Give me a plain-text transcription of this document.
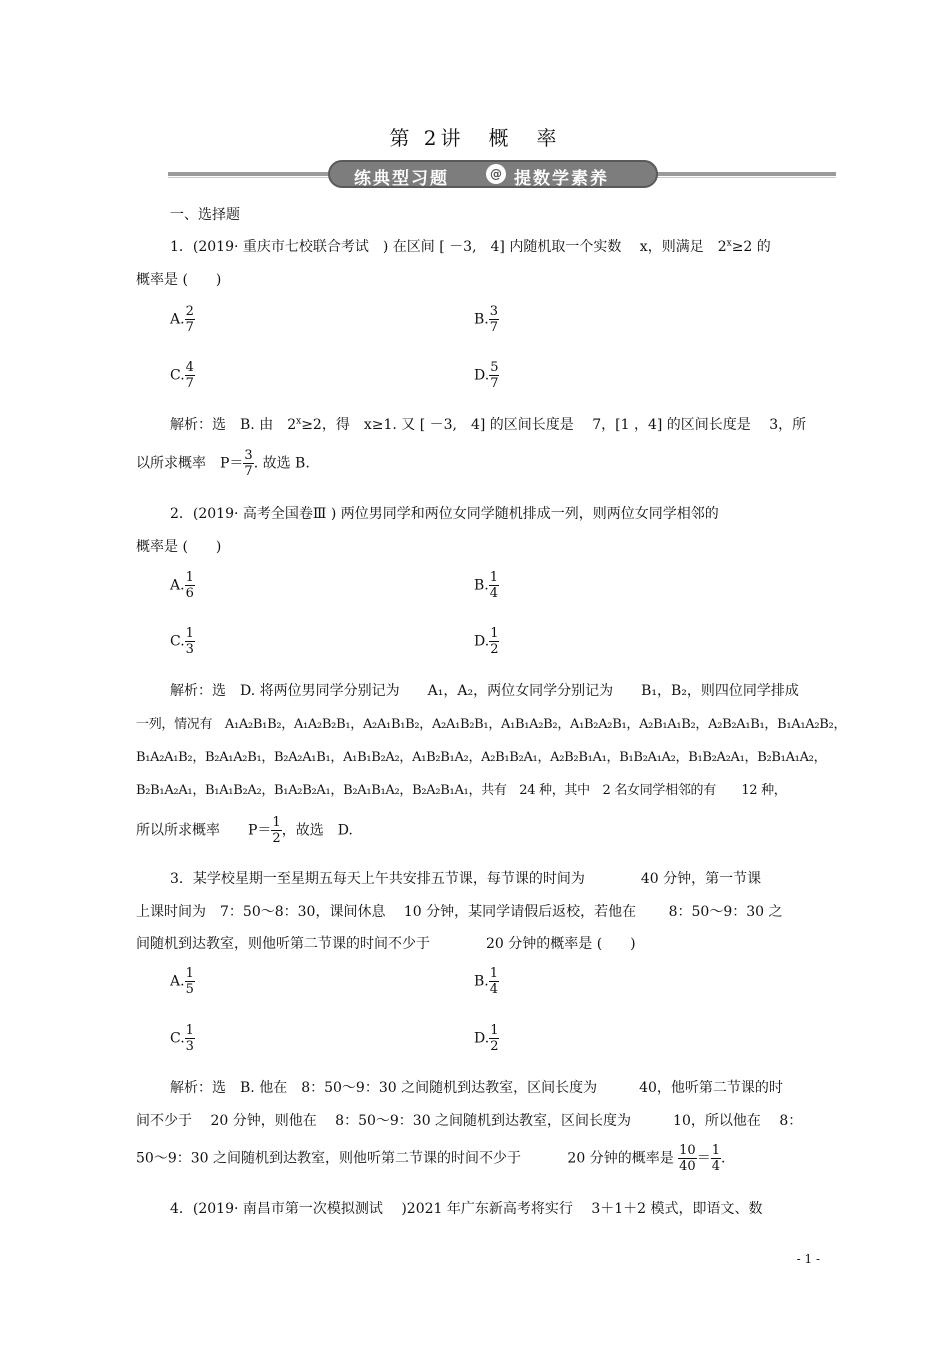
第 2讲　概　率
练典型习题	@ 提数学素养
一、选择题
1．(2019· 重庆市七校联合考试　) 在区间 [ －3,　4] 内随机取一个实数　 x，则满足　$2^x\ge 2$ 的
概率是 (　　)
A. $\frac{2}{7}$	B. $\frac{3}{7}$
C. $\frac{4}{7}$	D. $\frac{5}{7}$
解析：选　B. 由　$2^x\ge 2$，得　x≥1. 又 [ －3,　4] 的区间长度是　 7，[1 ，4] 的区间长度是　 3，所
以所求概率　$P= \frac{3}{7}$ . 故选 B.
2．(2019· 高考全国卷Ⅲ ) 两位男同学和两位女同学随机排成一列，则两位女同学相邻的
概率是 (　　)
A. $\frac{1}{6}$	B. $\frac{1}{4}$
C. $\frac{1}{3}$	D. $\frac{1}{2}$
解析：选　D. 将两位男同学分别记为　　A₁，A₂，两位女同学分别记为　　B₁，B₂，则四位同学排成
一列，情况有　A₁A₂B₁B₂，A₁A₂B₂B₁，A₂A₁B₁B₂，A₂A₁B₂B₁，A₁B₁A₂B₂，A₁B₂A₂B₁，A₂B₁A₁B₂，A₂B₂A₁B₁，B₁A₁A₂B₂，
B₁A₂A₁B₂，B₂A₁A₂B₁，B₂A₂A₁B₁，A₁B₁B₂A₂，A₁B₂B₁A₂，A₂B₁B₂A₁，A₂B₂B₁A₁，B₁B₂A₁A₂，B₁B₂A₂A₁，B₂B₁A₁A₂，
B₂B₁A₂A₁，B₁A₁B₂A₂，B₁A₂B₂A₁，B₂A₁B₁A₂，B₂A₂B₁A₁，共有　24 种，其中　2 名女同学相邻的有　　12 种，
所以所求概率　　$P= \frac{1}{2}$ ，故选　D.
3．某学校星期一至星期五每天上午共安排五节课，每节课的时间为　　　　40 分钟，第一节课
上课时间为　7：50～8：30，课间休息　 10 分钟，某同学请假后返校，若他在　　 8：50～9：30 之
间随机到达教室，则他听第二节课的时间不少于　　　　20 分钟的概率是 (　　)
A. $\frac{1}{5}$	B. $\frac{1}{4}$
C. $\frac{1}{3}$	D. $\frac{1}{2}$
解析：选　B. 他在　8：50～9：30 之间随机到达教室，区间长度为　　　40，他听第二节课的时
间不少于　 20 分钟，则他在　 8：50～9：30 之间随机到达教室，区间长度为　　　10，所以他在　 8：
50～9：30 之间随机到达教室，则他听第二节课的时间不少于　　　 20 分钟的概率是 $\frac{10}{40} = \frac{1}{4}$ .
4．(2019· 南昌市第一次模拟测试　 )2021 年广东新高考将实行　 3＋1＋2 模式，即语文、数
- 1 -
